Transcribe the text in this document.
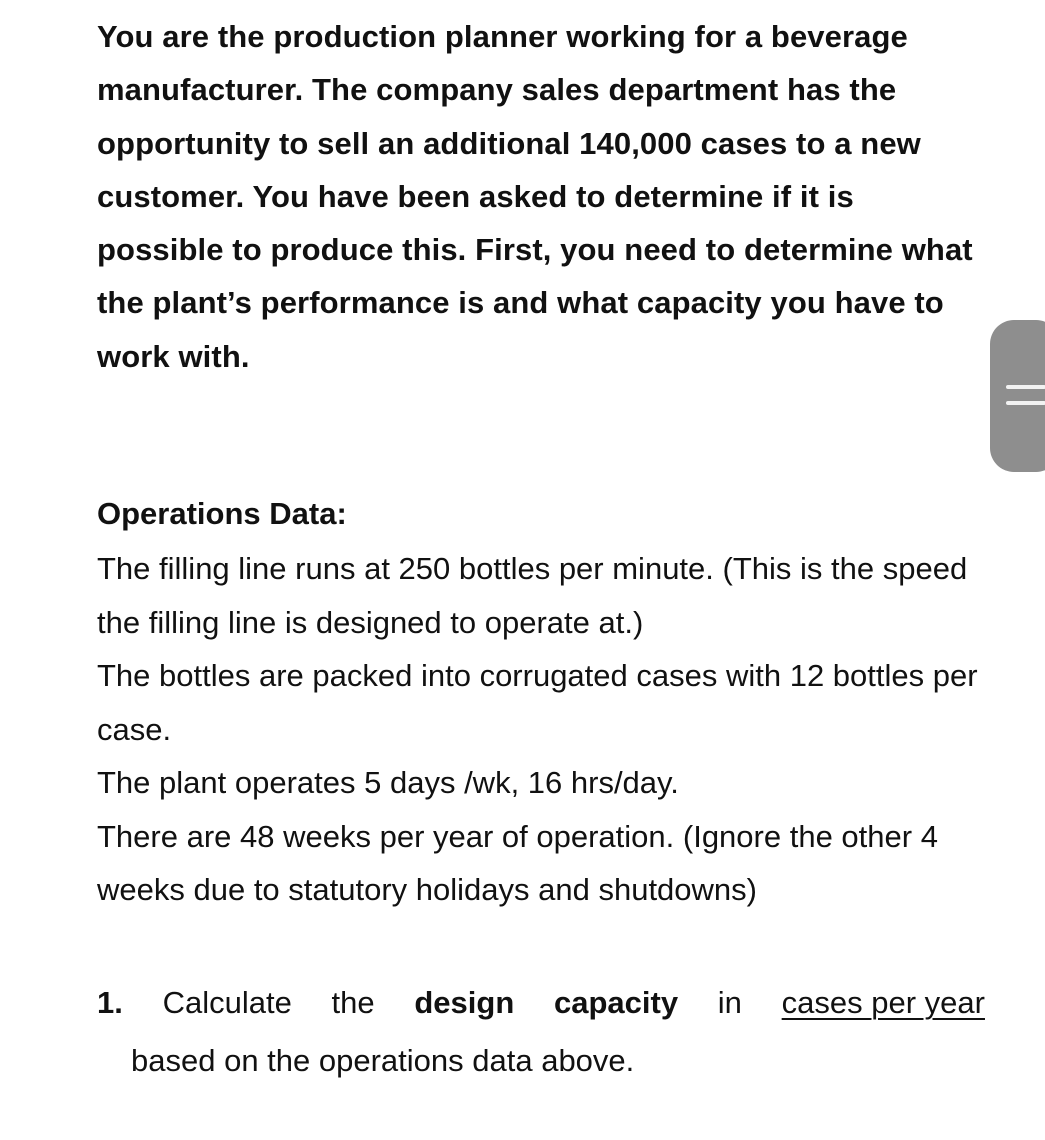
You are the production planner working for a beverage manufacturer. The company sales department has the opportunity to sell an additional 140,000 cases to a new customer. You have been asked to determine if it is possible to produce this. First, you need to determine what the plant’s performance is and what capacity you have to work with.
Operations Data:

The filling line runs at 250 bottles per minute. (This is the speed the filling line is designed to operate at.)

The bottles are packed into corrugated cases with 12 bottles per case.

The plant operates 5 days /wk, 16 hrs/day.

There are 48 weeks per year of operation. (Ignore the other 4 weeks due to statutory holidays and shutdowns)

1. Calculate the design capacity in cases per year
based on the operations data above.
